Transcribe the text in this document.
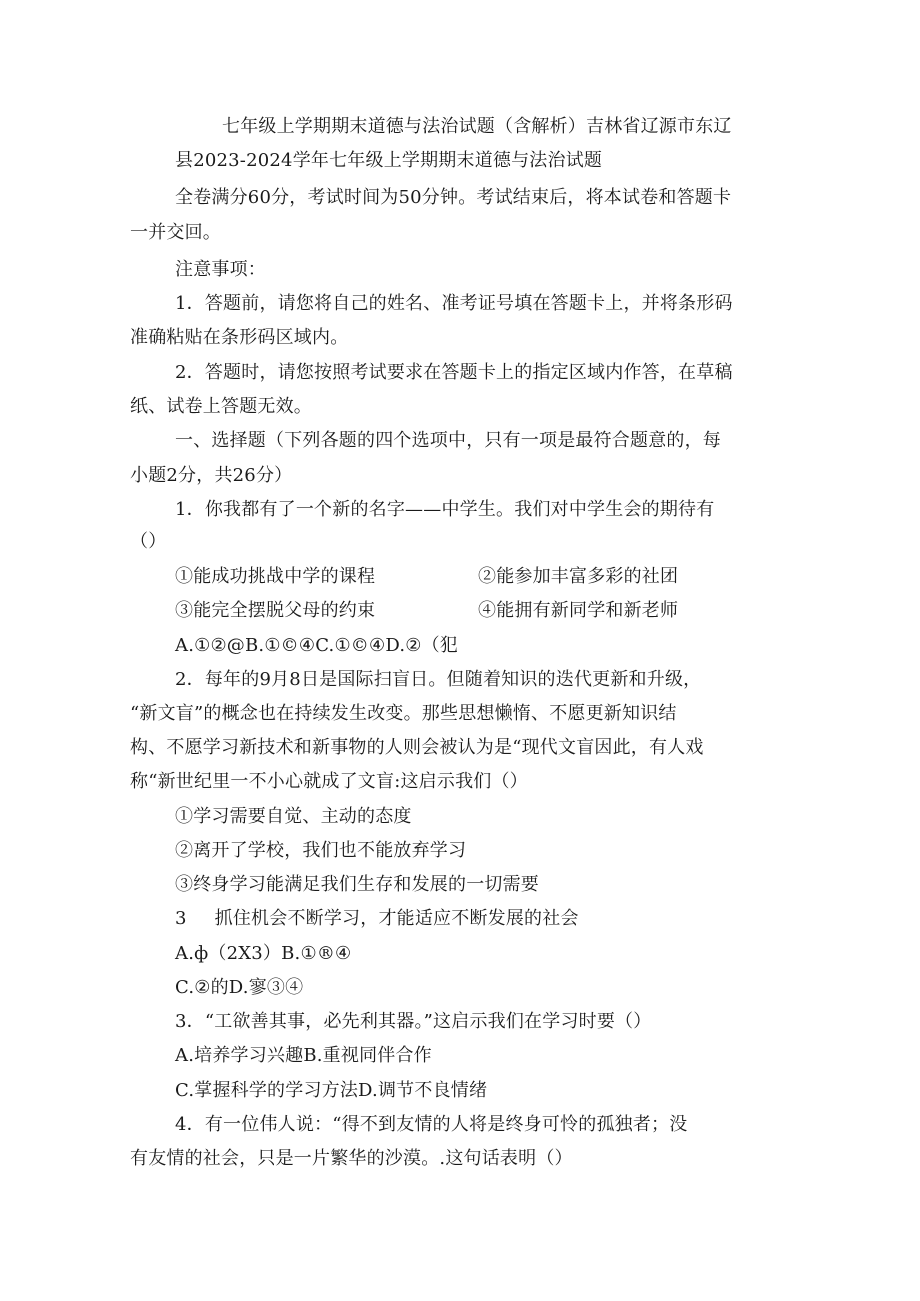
七年级上学期期末道德与法治试题（含解析）吉林省辽源市东辽
县2023-2024学年七年级上学期期末道德与法治试题
全卷满分60分，考试时间为50分钟。考试结束后，将本试卷和答题卡
一并交回。
注意事项：
1．答题前，请您将自己的姓名、准考证号填在答题卡上，并将条形码
准确粘贴在条形码区域内。
2．答题时，请您按照考试要求在答题卡上的指定区域内作答，在草稿
纸、试卷上答题无效。
一、选择题（下列各题的四个选项中，只有一项是最符合题意的，每
小题2分，共26分）
1．你我都有了一个新的名字——中学生。我们对中学生会的期待有
（）
①能成功挑战中学的课程	②能参加丰富多彩的社团
③能完全摆脱父母的约束	④能拥有新同学和新老师
A.①②@B.①©④C.①©④D.②（犯
2．每年的9月8日是国际扫盲日。但随着知识的迭代更新和升级，
“新文盲”的概念也在持续发生改变。那些思想懒惰、不愿更新知识结
构、不愿学习新技术和新事物的人则会被认为是“现代文盲因此，有人戏
称“新世纪里一不小心就成了文盲:这启示我们（）
①学习需要自觉、主动的态度
②离开了学校，我们也不能放弃学习
③终身学习能满足我们生存和发展的一切需要
3 抓住机会不断学习，才能适应不断发展的社会
A.ф（2X3）B.①®④
C.②的D.寥③④
3．“工欲善其事，必先利其器。”这启示我们在学习时要（）
A.培养学习兴趣B.重视同伴合作
C.掌握科学的学习方法D.调节不良情绪
4．有一位伟人说：“得不到友情的人将是终身可怜的孤独者；没
有友情的社会，只是一片繁华的沙漠。.这句话表明（）
